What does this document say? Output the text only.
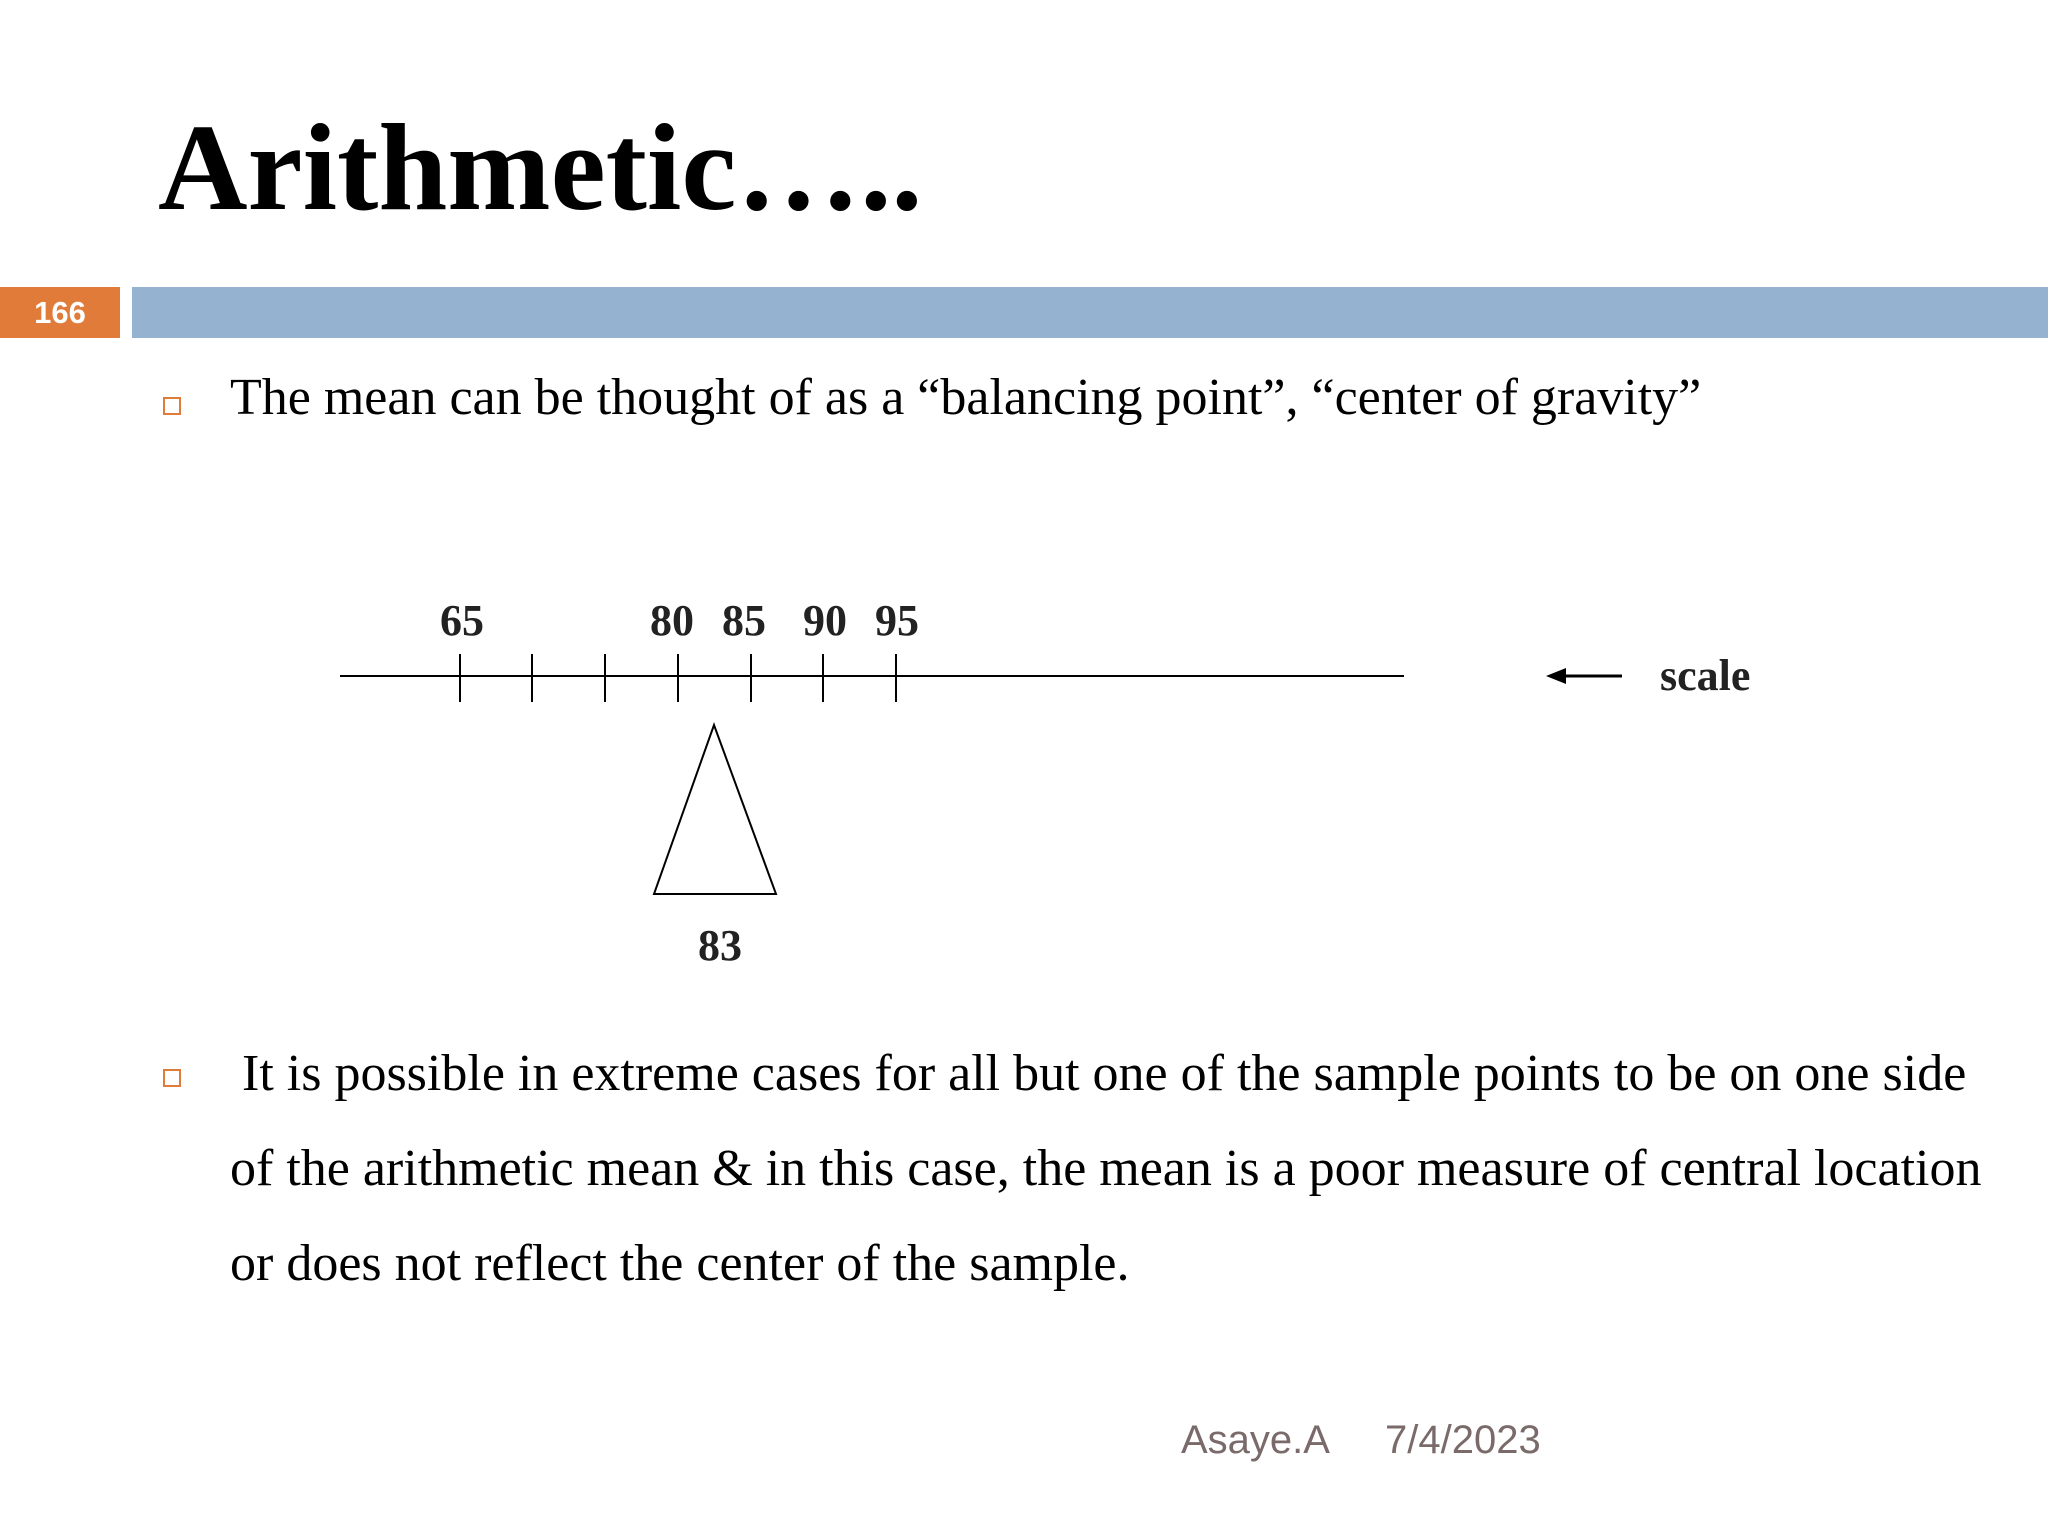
Arithmetic…..
166
The mean can be thought of as a “balancing point”, “center of gravity”
65	80 85 90 95
83
scale
It is possible in extreme cases for all but one of the sample points to be on one side of the arithmetic mean & in this case, the mean is a poor measure of central location or does not reflect the center of the sample.
Asaye.A 7/4/2023
